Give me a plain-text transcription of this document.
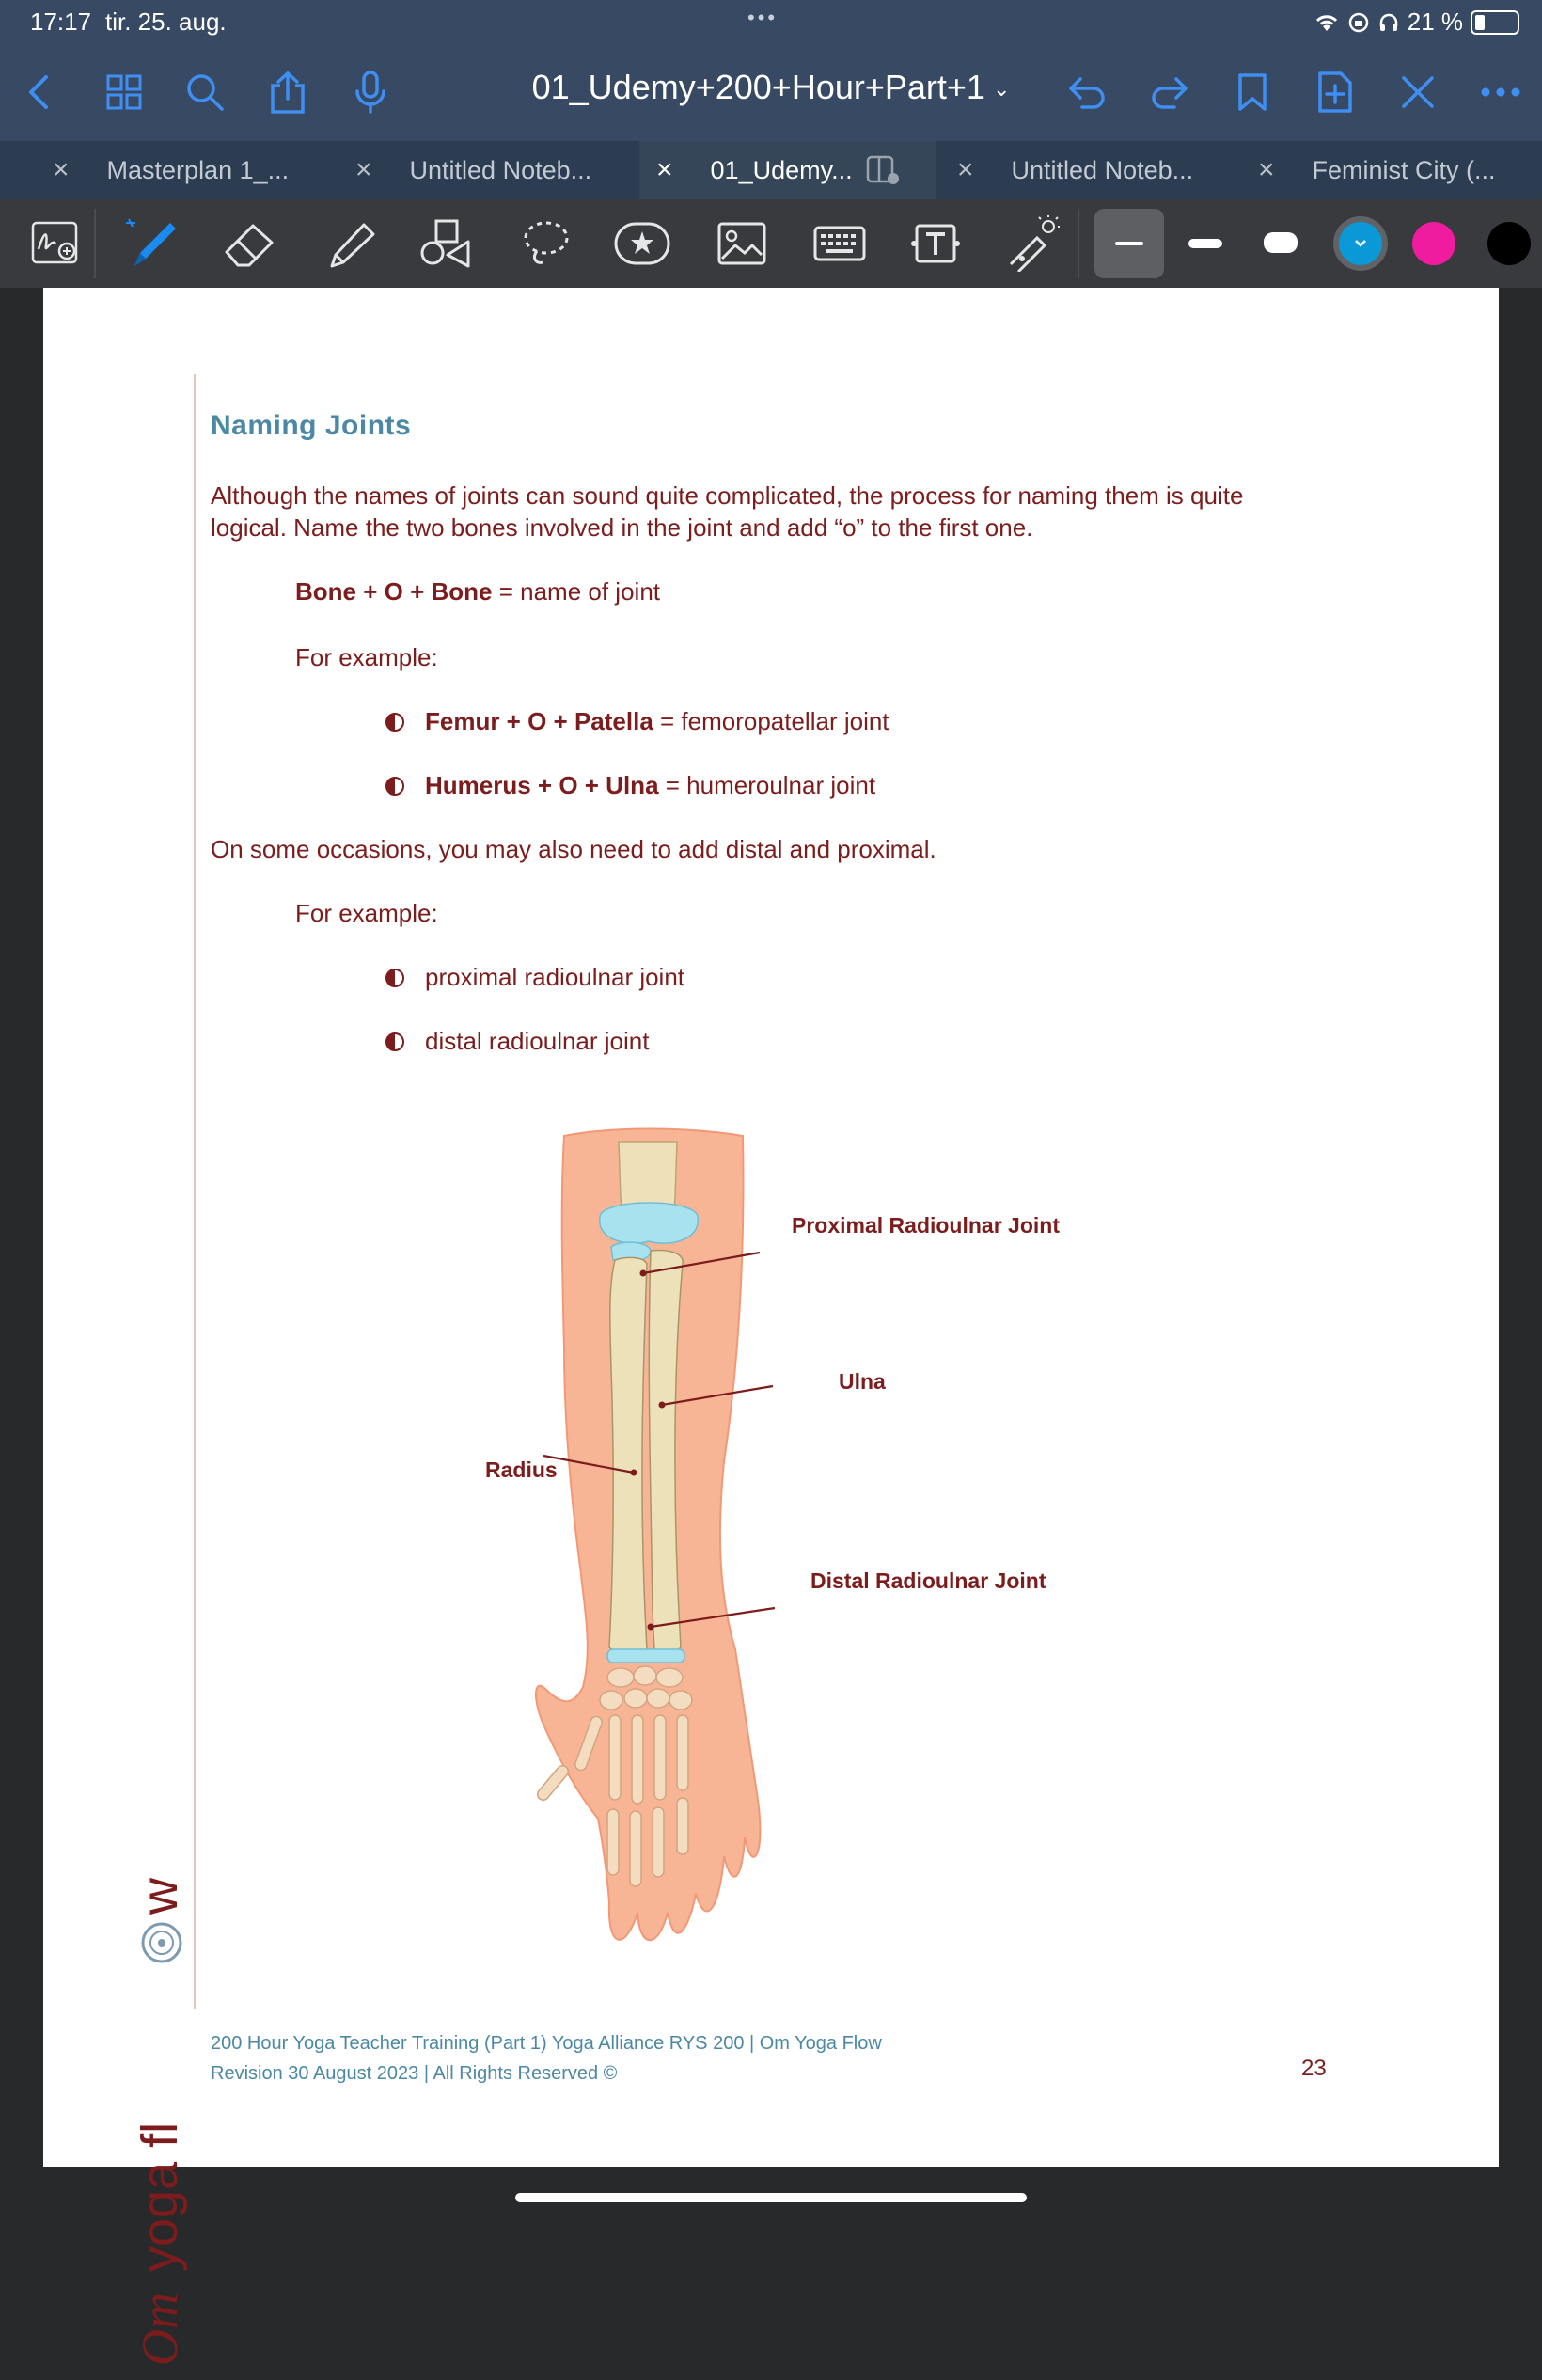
17:17 tir. 25. aug.	•••	21 %
01_Udemy+200+Hour+Part+1 ⌄
× Masterplan 1_... × Untitled Noteb... × 01_Udemy...	× Untitled Noteb... × Feminist City (...
Naming Joints
Although the names of joints can sound quite complicated, the process for naming them is quite
logical. Name the two bones involved in the joint and add “o” to the first one.
Bone + O + Bone = name of joint
For example:
Femur + O + Patella = femoropatellar joint
Humerus + O + Ulna = humeroulnar joint
On some occasions, you may also need to add distal and proximal.
For example:
proximal radioulnar joint
distal radioulnar joint
Proximal Radioulnar Joint
Ulna
Radius
Distal Radioulnar Joint
Om
yoga fl
w
200 Hour Yoga Teacher Training (Part 1) Yoga Alliance RYS 200 | Om Yoga Flow
Revision 30 August 2023 | All Rights Reserved ©	23
